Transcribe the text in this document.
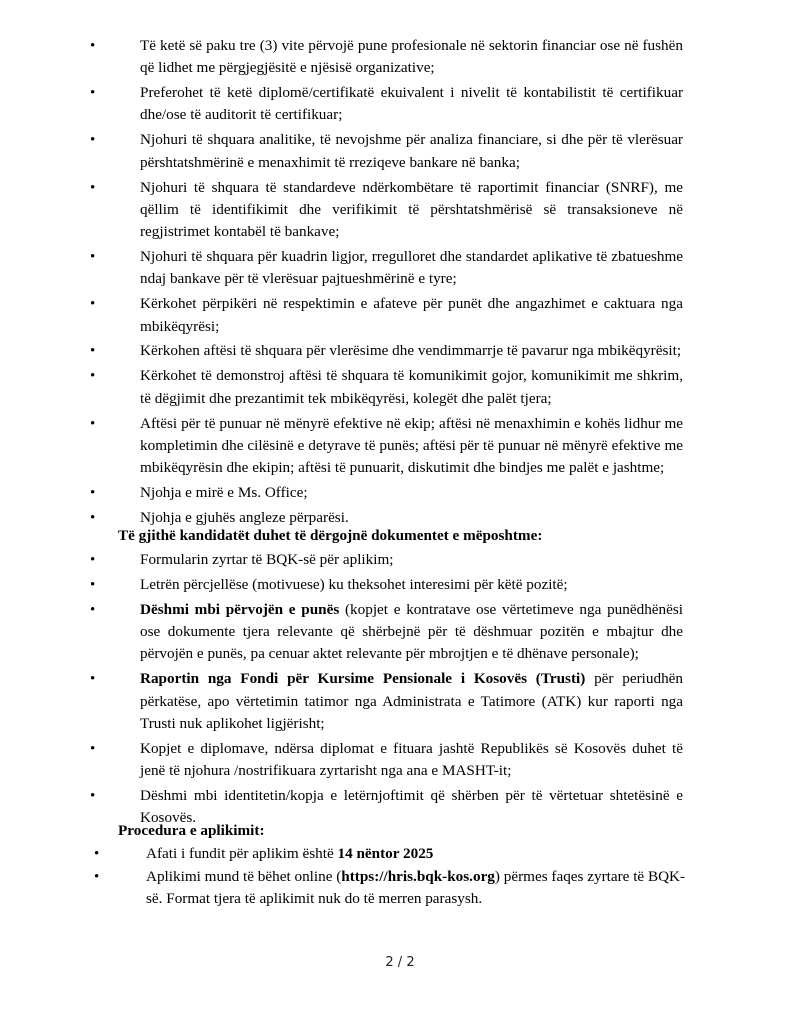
• Të ketë së paku tre (3) vite përvojë pune profesionale në sektorin financiar ose në fushën që lidhet me përgjegjësitë e njësisë organizative;
• Preferohet të ketë diplomë/certifikatë ekuivalent i nivelit të kontabilistit të certifikuar dhe/ose të auditorit të certifikuar;
• Njohuri të shquara analitike, të nevojshme për analiza financiare, si dhe për të vlerësuar përshtatshmërinë e menaxhimit të rreziqeve bankare në banka;
• Njohuri të shquara të standardeve ndërkombëtare të raportimit financiar (SNRF), me qëllim të identifikimit dhe verifikimit të përshtatshmërisë së transaksioneve në regjistrimet kontabël të bankave;
• Njohuri të shquara për kuadrin ligjor, rregulloret dhe standardet aplikative të zbatueshme ndaj bankave për të vlerësuar pajtueshmërinë e tyre;
• Kërkohet përpikëri në respektimin e afateve për punët dhe angazhimet e caktuara nga mbikëqyrësi;
• Kërkohen aftësi të shquara për vlerësime dhe vendimmarrje të pavarur nga mbikëqyrësit;
• Kërkohet të demonstroj aftësi të shquara të komunikimit gojor, komunikimit me shkrim, të dëgjimit dhe prezantimit tek mbikëqyrësi, kolegët dhe palët tjera;
• Aftësi për të punuar në mënyrë efektive në ekip; aftësi në menaxhimin e kohës lidhur me kompletimin dhe cilësinë e detyrave të punës; aftësi për të punuar në mënyrë efektive me mbikëqyrësin dhe ekipin; aftësi të punuarit, diskutimit dhe bindjes me palët e jashtme;
• Njohja e mirë e Ms. Office;
• Njohja e gjuhës angleze përparësi.
Të gjithë kandidatët duhet të dërgojnë dokumentet e mëposhtme:
• Formularin zyrtar të BQK-së për aplikim;
• Letrën përcjellëse (motivuese) ku theksohet interesimi për këtë pozitë;
• Dëshmi mbi përvojën e punës (kopjet e kontratave ose vërtetimeve nga punëdhënësi ose dokumente tjera relevante që shërbejnë për të dëshmuar pozitën e mbajtur dhe përvojën e punës, pa cenuar aktet relevante për mbrojtjen e të dhënave personale);
• Raportin nga Fondi për Kursime Pensionale i Kosovës (Trusti) për periudhën përkatëse, apo vërtetimin tatimor nga Administrata e Tatimore (ATK) kur raporti nga Trusti nuk aplikohet ligjërisht;
• Kopjet e diplomave, ndërsa diplomat e fituara jashtë Republikës së Kosovës duhet të jenë të njohura /nostrifikuara zyrtarisht nga ana e MASHT-it;
• Dëshmi mbi identitetin/kopja e letërnjoftimit që shërben për të vërtetuar shtetësinë e Kosovës.
Procedura e aplikimit:
• Afati i fundit për aplikim është 14 nëntor 2025
• Aplikimi mund të bëhet online (https://hris.bqk-kos.org) përmes faqes zyrtare të BQK-së. Format tjera të aplikimit nuk do të merren parasysh.
2 / 2
